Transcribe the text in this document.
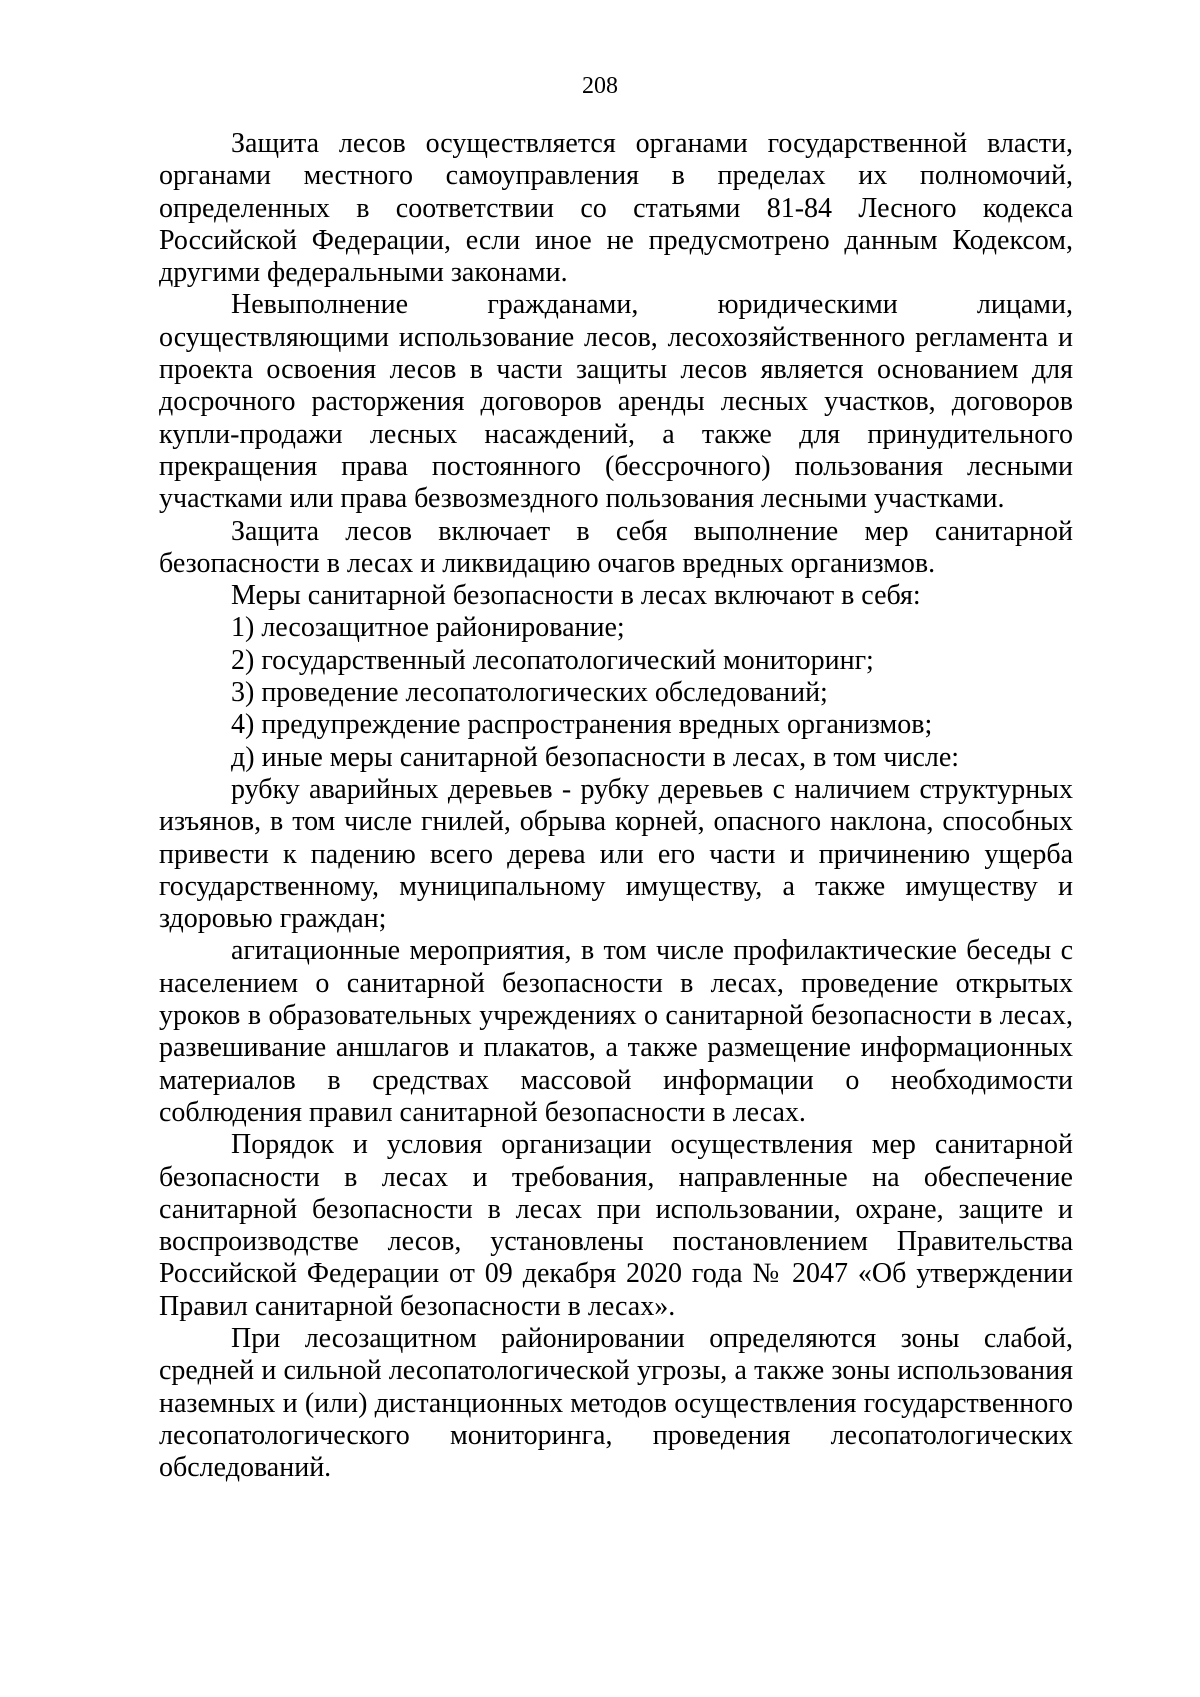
208

Защита лесов осуществляется органами государственной власти, органами местного самоуправления в пределах их полномочий, определенных в соответствии со статьями 81-84 Лесного кодекса Российской Федерации, если иное не предусмотрено данным Кодексом, другими федеральными законами.

Невыполнение гражданами, юридическими лицами, осуществляющими использование лесов, лесохозяйственного регламента и проекта освоения лесов в части защиты лесов является основанием для досрочного расторжения договоров аренды лесных участков, договоров купли-продажи лесных насаждений, а также для принудительного прекращения права постоянного (бессрочного) пользования лесными участками или права безвозмездного пользования лесными участками.

Защита лесов включает в себя выполнение мер санитарной безопасности в лесах и ликвидацию очагов вредных организмов.

Меры санитарной безопасности в лесах включают в себя:

1) лесозащитное районирование;

2) государственный лесопатологический мониторинг;

3) проведение лесопатологических обследований;

4) предупреждение распространения вредных организмов;

д) иные меры санитарной безопасности в лесах, в том числе:

рубку аварийных деревьев - рубку деревьев с наличием структурных изъянов, в том числе гнилей, обрыва корней, опасного наклона, способных привести к падению всего дерева или его части и причинению ущерба государственному, муниципальному имуществу, а также имуществу и здоровью граждан;

агитационные мероприятия, в том числе профилактические беседы с населением о санитарной безопасности в лесах, проведение открытых уроков в образовательных учреждениях о санитарной безопасности в лесах, развешивание аншлагов и плакатов, а также размещение информационных материалов в средствах массовой информации о необходимости соблюдения правил санитарной безопасности в лесах.

Порядок и условия организации осуществления мер санитарной безопасности в лесах и требования, направленные на обеспечение санитарной безопасности в лесах при использовании, охране, защите и воспроизводстве лесов, установлены постановлением Правительства Российской Федерации от 09 декабря 2020 года № 2047 «Об утверждении Правил санитарной безопасности в лесах».

При лесозащитном районировании определяются зоны слабой, средней и сильной лесопатологической угрозы, а также зоны использования наземных и (или) дистанционных методов осуществления государственного лесопатологического мониторинга, проведения лесопатологических обследований.
